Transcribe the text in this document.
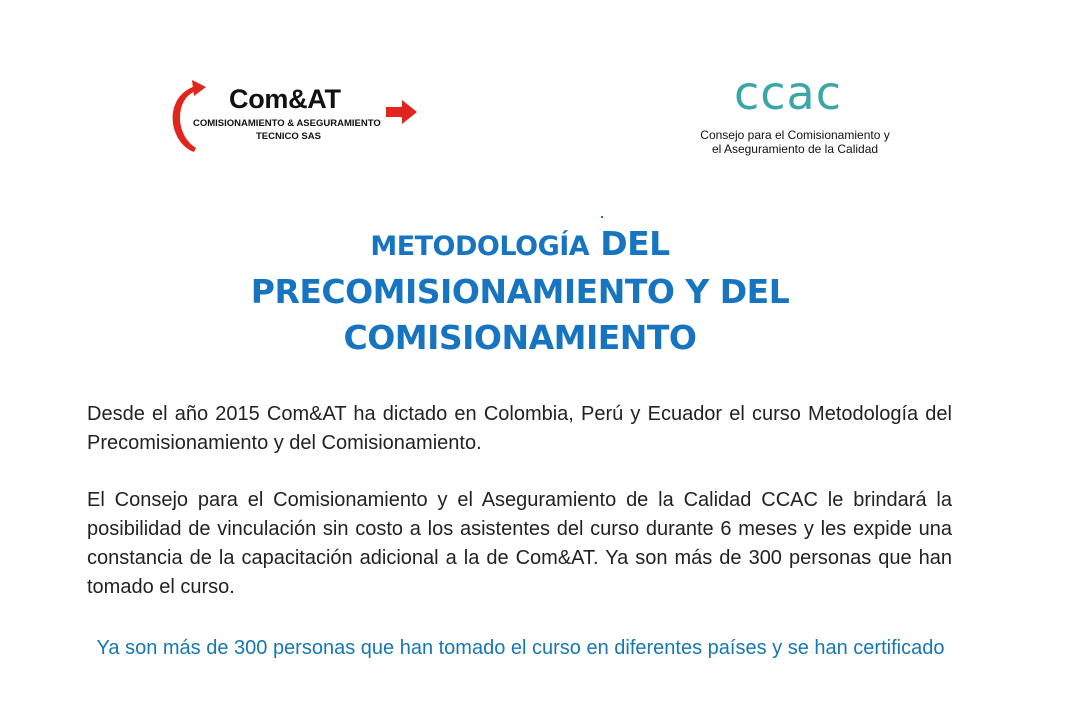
Com&AT
COMISIONAMIENTO & ASEGURAMIENTO
TECNICO SAS
ccac
Consejo para el Comisionamiento y
el Aseguramiento de la Calidad
METODOLOGÍA DEL
PRECOMISIONAMIENTO Y DEL
COMISIONAMIENTO

Desde el año 2015 Com&AT ha dictado en Colombia, Perú y Ecuador el curso Metodología del Precomisionamiento y del Comisionamiento.

El Consejo para el Comisionamiento y el Aseguramiento de la Calidad CCAC le brindará la posibilidad de vinculación sin costo a los asistentes del curso durante 6 meses y les expide una constancia de la capacitación adicional a la de Com&AT. Ya son más de 300 personas que han tomado el curso.

Ya son más de 300 personas que han tomado el curso en diferentes países y se han certificado
